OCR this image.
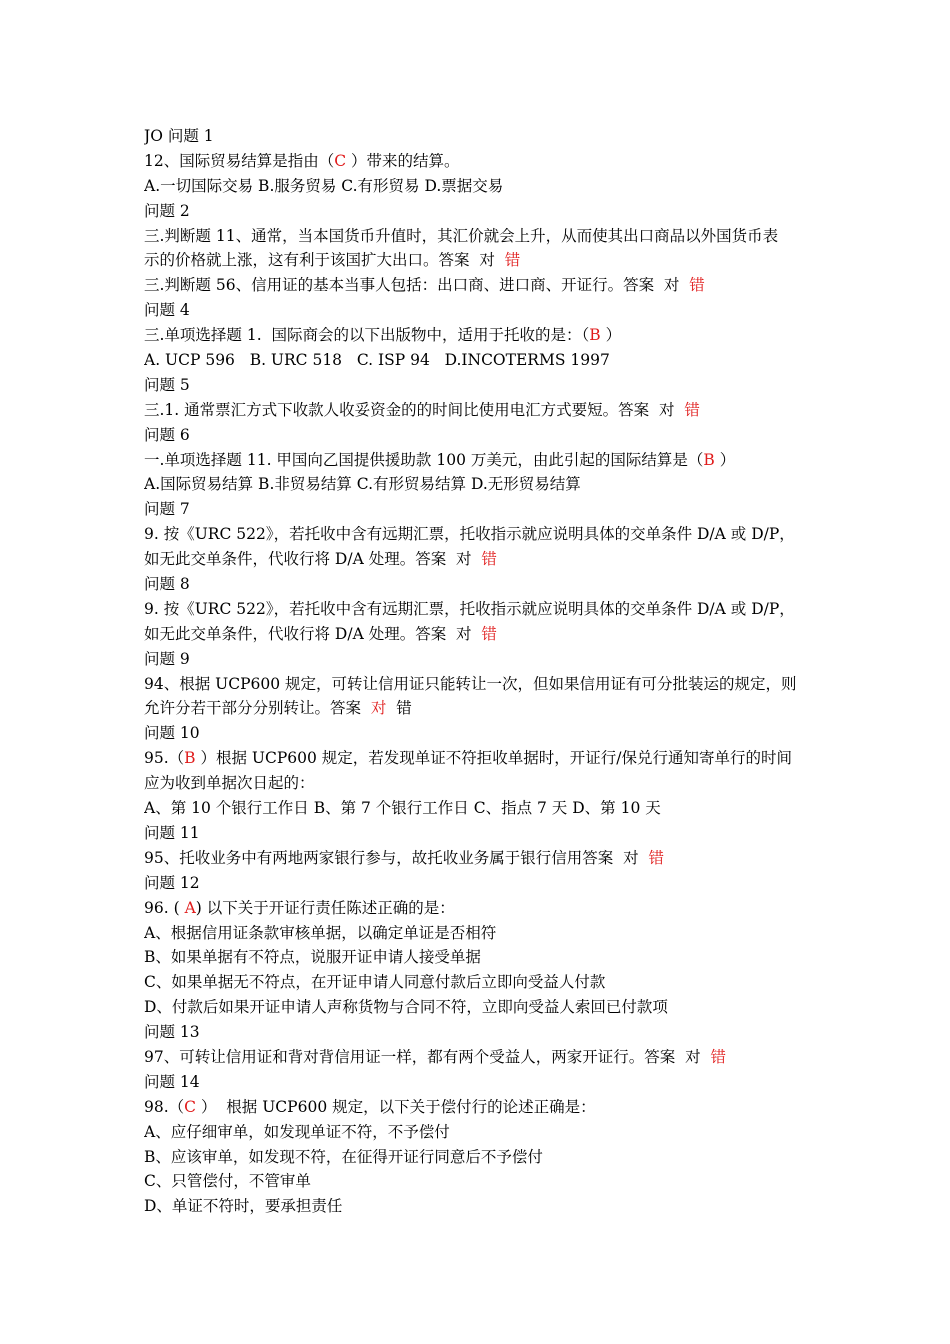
JO 问题 1
12、国际贸易结算是指由（C ）带来的结算。
A.一切国际交易 B.服务贸易 C.有形贸易 D.票据交易
问题 2
三.判断题 11、通常，当本国货币升值时，其汇价就会上升，从而使其出口商品以外国货币表
示的价格就上涨，这有利于该国扩大出口。答案  对  错
三.判断题 56、信用证的基本当事人包括：出口商、进口商、开证行。答案  对  错
问题 4
三.单项选择题 1.  国际商会的以下出版物中，适用于托收的是：（B ）
A. UCP 596   B. URC 518   C. ISP 94   D.INCOTERMS 1997
问题 5
三.1. 通常票汇方式下收款人收妥资金的的时间比使用电汇方式要短。答案  对  错
问题 6
一.单项选择题 11. 甲国向乙国提供援助款 100 万美元，由此引起的国际结算是（B ）
A.国际贸易结算 B.非贸易结算 C.有形贸易结算 D.无形贸易结算
问题 7
9. 按《URC 522》，若托收中含有远期汇票，托收指示就应说明具体的交单条件 D/A 或 D/P，
如无此交单条件，代收行将 D/A 处理。答案  对  错
问题 8
9. 按《URC 522》，若托收中含有远期汇票，托收指示就应说明具体的交单条件 D/A 或 D/P，
如无此交单条件，代收行将 D/A 处理。答案  对  错
问题 9
94、根据 UCP600 规定，可转让信用证只能转让一次，但如果信用证有可分批装运的规定，则
允许分若干部分分别转让。答案  对  错
问题 10
95.（B ）根据 UCP600 规定，若发现单证不符拒收单据时，开证行/保兑行通知寄单行的时间
应为收到单据次日起的：
A、第 10 个银行工作日 B、第 7 个银行工作日 C、指点 7 天 D、第 10 天
问题 11
95、托收业务中有两地两家银行参与，故托收业务属于银行信用答案  对  错
问题 12
96. ( A) 以下关于开证行责任陈述正确的是：
A、根据信用证条款审核单据，以确定单证是否相符
B、如果单据有不符点，说服开证申请人接受单据
C、如果单据无不符点，在开证申请人同意付款后立即向受益人付款
D、付款后如果开证申请人声称货物与合同不符，立即向受益人索回已付款项
问题 13
97、可转让信用证和背对背信用证一样，都有两个受益人，两家开证行。答案  对  错
问题 14
98.（C ）  根据 UCP600 规定，以下关于偿付行的论述正确是：
A、应仔细审单，如发现单证不符，不予偿付
B、应该审单，如发现不符，在征得开证行同意后不予偿付
C、只管偿付，不管审单
D、单证不符时，要承担责任
